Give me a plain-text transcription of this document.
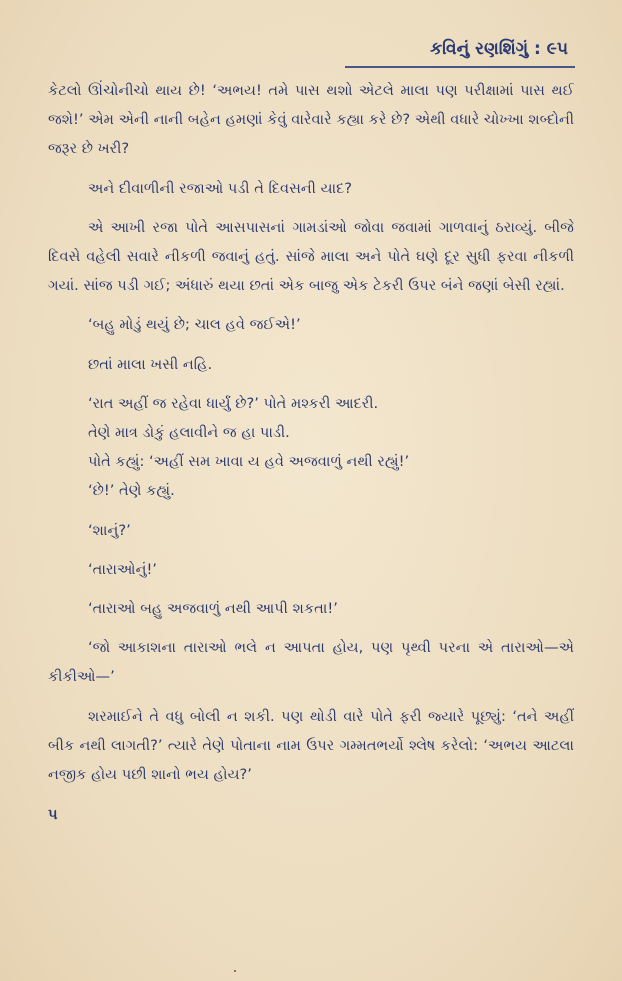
કવિનું રણશિંગું : ૯૫

કેટલો ઊંચોનીચો થાય છે! ‘અભય! તમે પાસ થશો એટલે માલા પણ પરીક્ષામાં પાસ થઈ જશે!’ એમ એની નાની બહેન હમણાં કેવું વારેવારે કહ્યા કરે છે? એથી વધારે ચોખ્ખા શબ્દોની જરૂર છે ખરી?

અને દીવાળીની રજાઓ પડી તે દિવસની યાદ?

એ આખી રજા પોતે આસપાસનાં ગામડાંઓ જોવા જવામાં ગાળવાનું ઠરાવ્યું. બીજે દિવસે વહેલી સવારે નીકળી જવાનું હતું. સાંજે માલા અને પોતે ઘણે દૂર સુધી ફરવા નીકળી ગયાં. સાંજ પડી ગઈ; અંધારું થયા છતાં એક બાજુ એક ટેકરી ઉપર બંને જણાં બેસી રહ્યાં.

‘બહુ મોડું થયું છે; ચાલ હવે જઈએ!’

છતાં માલા ખસી નહિ.

‘રાત અહીં જ રહેવા ધાર્યું છે?’ પોતે મશ્કરી આદરી.

તેણે માત્ર ડોકું હલાવીને જ હા પાડી.

પોતે કહ્યું: ‘અહીં સમ ખાવા ય હવે અજવાળું નથી રહ્યું!’

‘છે!’ તેણે કહ્યું.

‘શાનું?’

‘તારાઓનું!’

‘તારાઓ બહુ અજવાળું નથી આપી શકતા!’

‘જો આકાશના તારાઓ ભલે ન આપતા હોય, પણ પૃથ્વી પરના એ તારાઓ—એ કીકીઓ—’

શરમાઈને તે વધુ બોલી ન શકી. પણ થોડી વારે પોતે ફરી જ્યારે પૂછ્યું: ‘તને અહીં બીક નથી લાગતી?’ ત્યારે તેણે પોતાના નામ ઉપર ગમ્મતભર્યો શ્લેષ કરેલો: ‘અભય આટલા નજીક હોય પછી શાનો ભય હોય?’

૫
